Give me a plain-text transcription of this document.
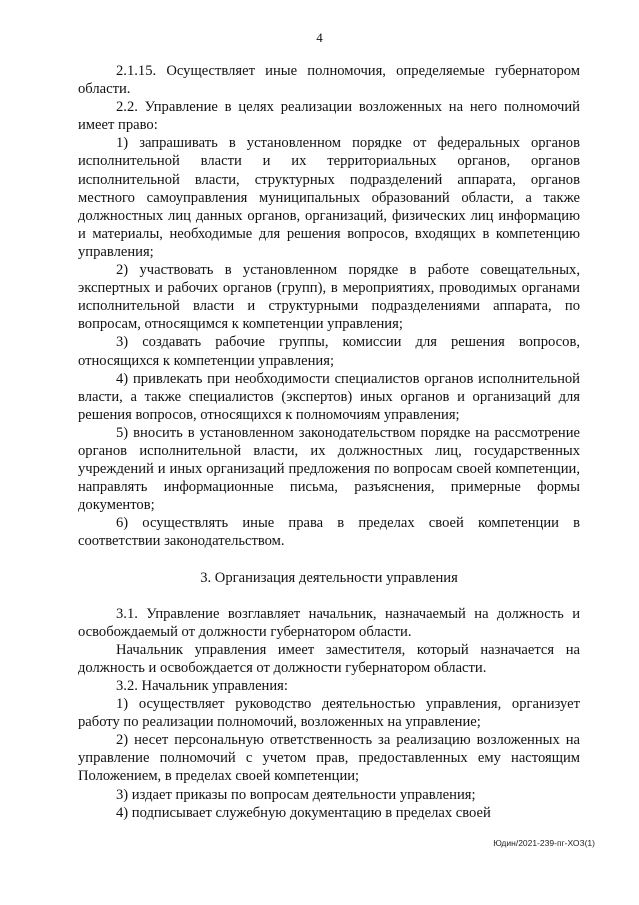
4

2.1.15. Осуществляет иные полномочия, определяемые губернатором области.

2.2. Управление в целях реализации возложенных на него полномочий имеет право:

1) запрашивать в установленном порядке от федеральных органов исполнительной власти и их территориальных органов, органов исполнительной власти, структурных подразделений аппарата, органов местного самоуправления муниципальных образований области, а также должностных лиц данных органов, организаций, физических лиц информацию и материалы, необходимые для решения вопросов, входящих в компетенцию управления;

2) участвовать в установленном порядке в работе совещательных, экспертных и рабочих органов (групп), в мероприятиях, проводимых органами исполнительной власти и структурными подразделениями аппарата, по вопросам, относящимся к компетенции управления;

3) создавать рабочие группы, комиссии для решения вопросов, относящихся к компетенции управления;

4) привлекать при необходимости специалистов органов исполнительной власти, а также специалистов (экспертов) иных органов и организаций для решения вопросов, относящихся к полномочиям управления;

5) вносить в установленном законодательством порядке на рассмотрение органов исполнительной власти, их должностных лиц, государственных учреждений и иных организаций предложения по вопросам своей компетенции, направлять информационные письма, разъяснения, примерные формы документов;

6) осуществлять иные права в пределах своей компетенции в соответствии законодательством.

3. Организация деятельности управления

3.1. Управление возглавляет начальник, назначаемый на должность и освобождаемый от должности губернатором области.

Начальник управления имеет заместителя, который назначается на должность и освобождается от должности губернатором области.

3.2. Начальник управления:

1) осуществляет руководство деятельностью управления, организует работу по реализации полномочий, возложенных на управление;

2) несет персональную ответственность за реализацию возложенных на управление полномочий с учетом прав, предоставленных ему настоящим Положением, в пределах своей компетенции;

3) издает приказы по вопросам деятельности управления;

4) подписывает служебную документацию в пределах своей

Юдин/2021-239-пг-ХОЗ(1)
